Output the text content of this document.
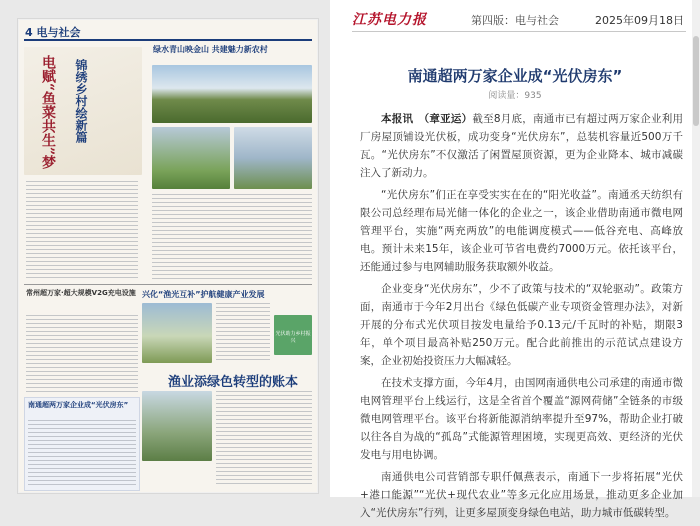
4 电与社会
电赋“鱼菜共生”梦	锦绣乡村绘新篇
绿水青山映金山 共建魅力新农村
常州超万家·超大规模V2G充电设施 兴化“渔光互补”护航健康产业发展
光伏助力乡村振兴
渔业添绿色转型的账本
南通超两万家企业成“光伏房东”
江苏电力报	第四版：电与社会	2025年09月18日
南通超两万家企业成“光伏房东”
阅读量：935

本报讯　（章亚运）截至8月底，南通市已有超过两万家企业利用厂房屋顶铺设光伏板，成功变身“光伏房东”，总装机容量近500万千瓦。“光伏房东”不仅激活了闲置屋顶资源，更为企业降本、城市减碳注入了新动力。

“光伏房东”们正在享受实实在在的“阳光收益”。南通丞天纺织有限公司总经理布局光储一体化的企业之一，该企业借助南通市微电网管理平台，实施“两充两放”的电能调度模式——低谷充电、高峰放电。预计未来15年，该企业可节省电费约7000万元。依托该平台，还能通过参与电网辅助服务获取额外收益。

企业变身“光伏房东”，少不了政策与技术的“双轮驱动”。政策方面，南通市于今年2月出台《绿色低碳产业专项资金管理办法》，对新开展的分布式光伏项目按发电量给予0.13元/千瓦时的补贴，期限3年，单个项目最高补贴250万元。配合此前推出的示范试点建设方案，企业初始投资压力大幅减轻。

在技术支撑方面，今年4月，由国网南通供电公司承建的南通市微电网管理平台上线运行，这是全省首个覆盖“源网荷储”全链条的市级微电网管理平台。该平台将新能源消纳率提升至97%，帮助企业打破以往各自为战的“孤岛”式能源管理困境，实现更高效、更经济的光伏发电与用电协调。

南通供电公司营销部专职仟佩燕表示，南通下一步将拓展“光伏+港口能源”“光伏+现代农业”等多元化应用场景，推动更多企业加入“光伏房东”行列，让更多屋顶变身绿色电站，助力城市低碳转型。
